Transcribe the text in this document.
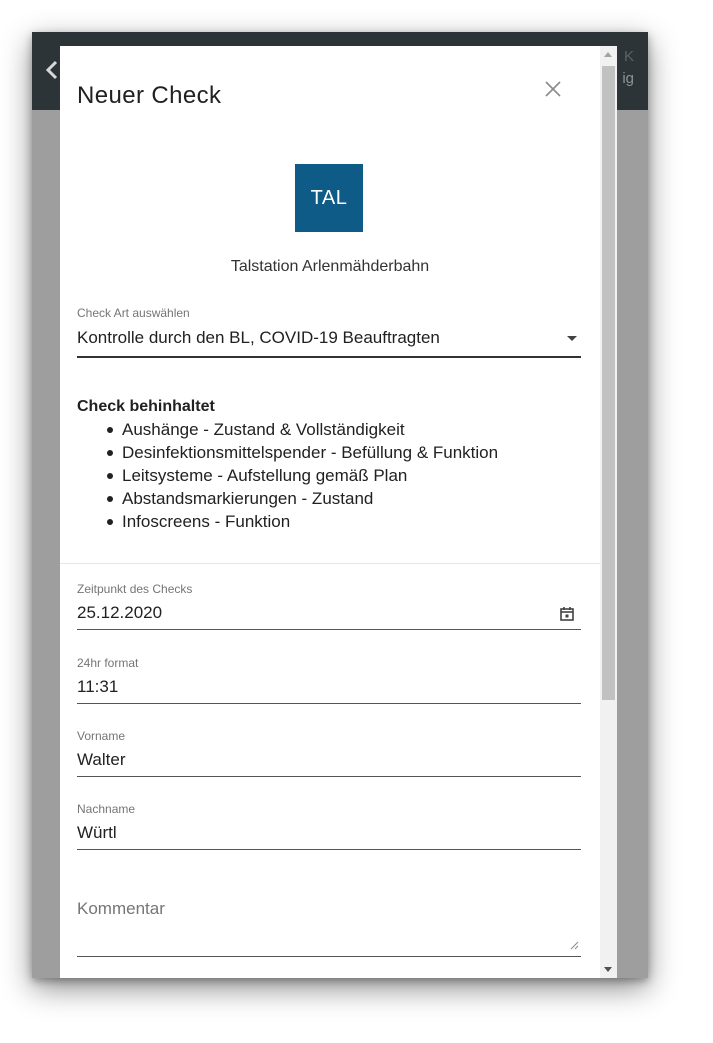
K
ig
Neuer Check
TAL
Talstation Arlenmähderbahn
Check Art auswählen
Kontrolle durch den BL, COVID-19 Beauftragten
Check behinhaltet
Aushänge - Zustand & Vollständigkeit
Desinfektionsmittelspender - Befüllung & Funktion
Leitsysteme - Aufstellung gemäß Plan
Abstandsmarkierungen - Zustand
Infoscreens - Funktion
Zeitpunkt des Checks
25.12.2020
24hr format
11:31
Vorname
Walter
Nachname
Würtl
Kommentar
